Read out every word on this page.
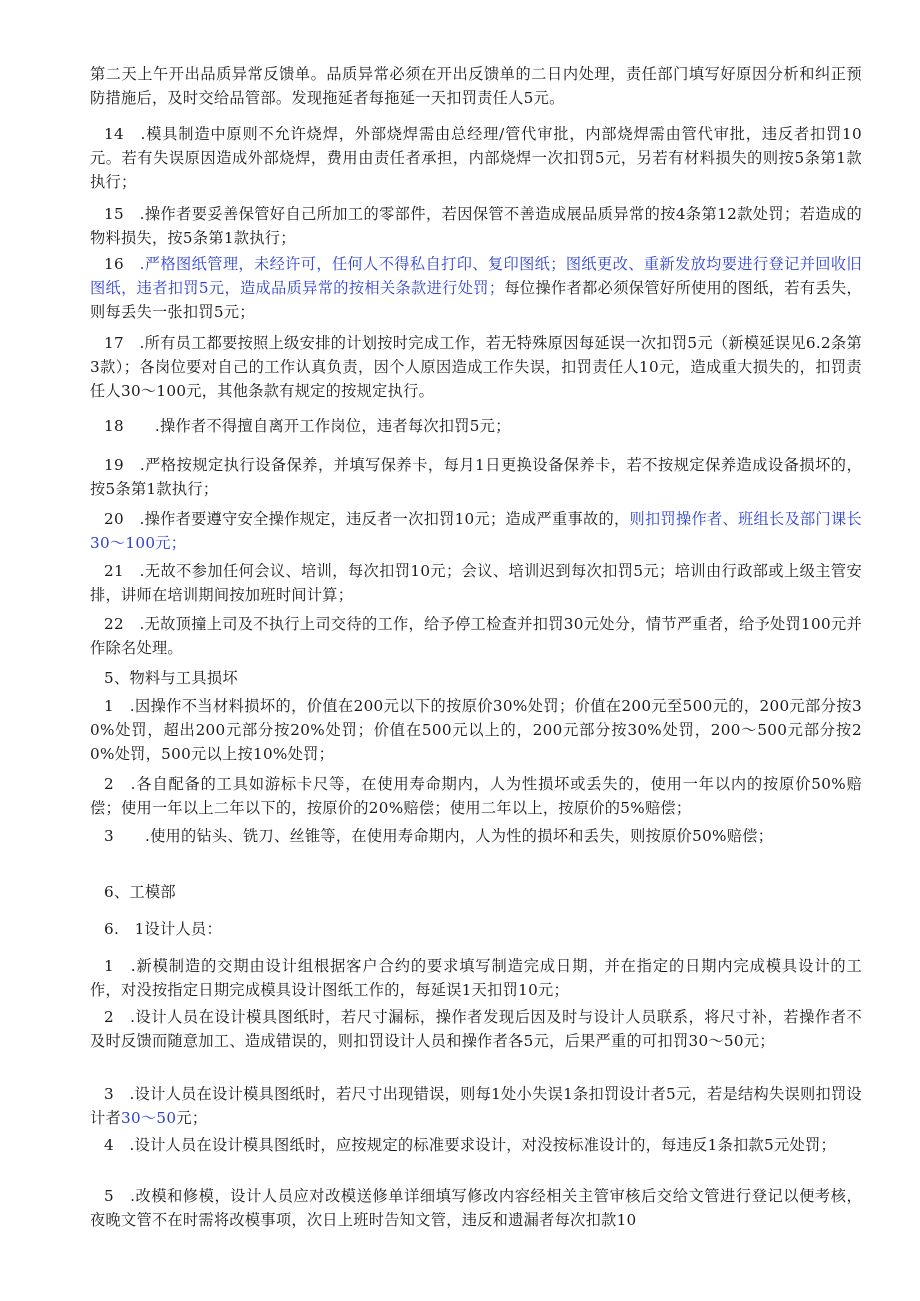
第二天上午开出品质异常反馈单。品质异常必须在开出反馈单的二日内处理，责任部门填写好原因分析和纠正预防措施后，及时交给品管部。发现拖延者每拖延一天扣罚责任人5元。
14　.模具制造中原则不允许烧焊，外部烧焊需由总经理/管代审批，内部烧焊需由管代审批，违反者扣罚10元。若有失误原因造成外部烧焊，费用由责任者承担，内部烧焊一次扣罚5元，另若有材料损失的则按5条第1款执行；
15　.操作者要妥善保管好自己所加工的零部件，若因保管不善造成展品质异常的按4条第12款处罚；若造成的物料损失，按5条第1款执行；
16　.严格图纸管理，未经许可，任何人不得私自打印、复印图纸；图纸更改、重新发放均要进行登记并回收旧图纸，违者扣罚5元，造成品质异常的按相关条款进行处罚；每位操作者都必须保管好所使用的图纸，若有丢失，则每丢失一张扣罚5元；
17　.所有员工都要按照上级安排的计划按时完成工作，若无特殊原因每延误一次扣罚5元（新模延误见6.2条第3款）；各岗位要对自己的工作认真负责，因个人原因造成工作失误，扣罚责任人10元，造成重大损失的，扣罚责任人30～100元，其他条款有规定的按规定执行。
18　　.操作者不得擅自离开工作岗位，违者每次扣罚5元；
19　.严格按规定执行设备保养，并填写保养卡，每月1日更换设备保养卡，若不按规定保养造成设备损坏的，按5条第1款执行；
20　.操作者要遵守安全操作规定，违反者一次扣罚10元；造成严重事故的，则扣罚操作者、班组长及部门课长30～100元；
21　.无故不参加任何会议、培训，每次扣罚10元；会议、培训迟到每次扣罚5元；培训由行政部或上级主管安排，讲师在培训期间按加班时间计算；
22　.无故顶撞上司及不执行上司交待的工作，给予停工检查并扣罚30元处分，情节严重者，给予处罚100元并作除名处理。
5、物料与工具损坏
1　.因操作不当材料损坏的，价值在200元以下的按原价30%处罚；价值在200元至500元的，200元部分按30%处罚，超出200元部分按20%处罚；价值在500元以上的，200元部分按30%处罚，200～500元部分按20%处罚，500元以上按10%处罚；
2　.各自配备的工具如游标卡尺等，在使用寿命期内，人为性损坏或丢失的，使用一年以内的按原价50%赔偿；使用一年以上二年以下的，按原价的20%赔偿；使用二年以上，按原价的5%赔偿；
3　　.使用的钻头、铣刀、丝锥等，在使用寿命期内，人为性的损坏和丢失，则按原价50%赔偿；
6、工模部
6.　1设计人员：
1　.新模制造的交期由设计组根据客户合约的要求填写制造完成日期，并在指定的日期内完成模具设计的工作，对没按指定日期完成模具设计图纸工作的，每延误1天扣罚10元；
2　.设计人员在设计模具图纸时，若尺寸漏标，操作者发现后因及时与设计人员联系，将尺寸补，若操作者不及时反馈而随意加工、造成错误的，则扣罚设计人员和操作者各5元，后果严重的可扣罚30～50元；
3　.设计人员在设计模具图纸时，若尺寸出现错误，则每1处小失误1条扣罚设计者5元，若是结构失误则扣罚设计者30～50元；
4　.设计人员在设计模具图纸时，应按规定的标准要求设计，对没按标准设计的，每违反1条扣款5元处罚；
5　.改模和修模，设计人员应对改模送修单详细填写修改内容经相关主管审核后交给文管进行登记以便考核，夜晚文管不在时需将改模事项，次日上班时告知文管，违反和遗漏者每次扣款10
